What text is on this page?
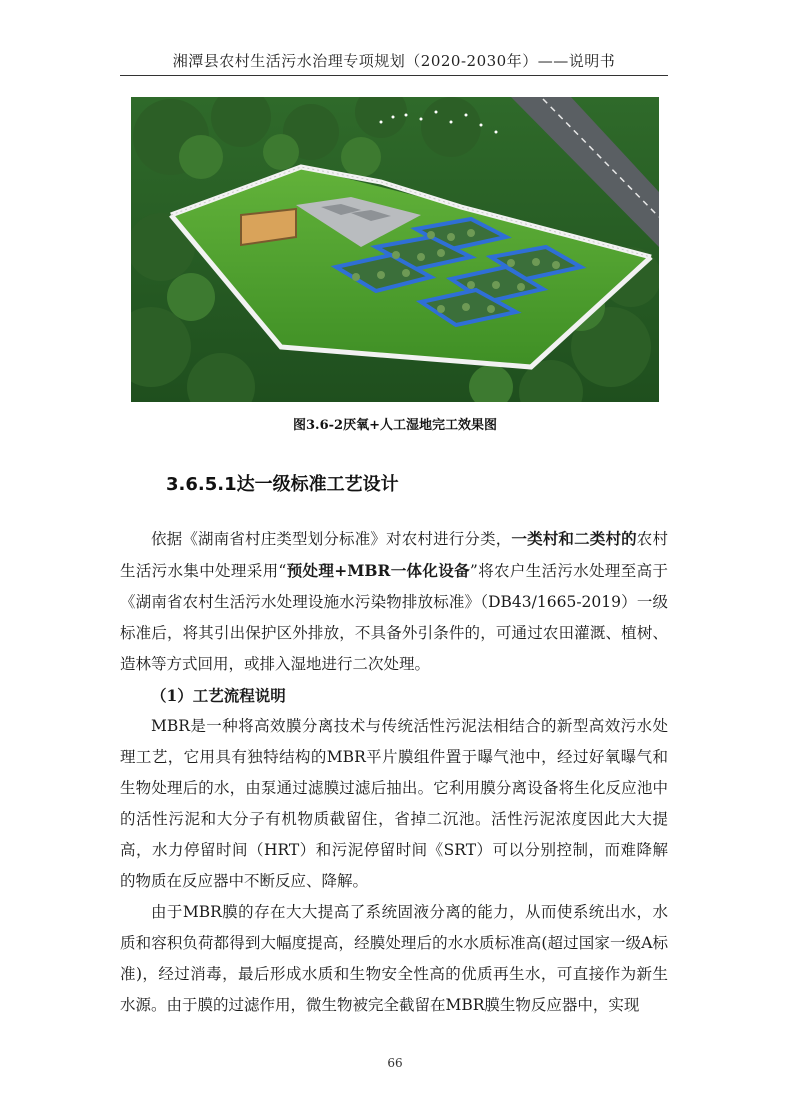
湘潭县农村生活污水治理专项规划（2020-2030年）——说明书
图3.6-2厌氧+人工湿地完工效果图
3.6.5.1达一级标准工艺设计

依据《湖南省村庄类型划分标准》对农村进行分类，一类村和二类村的农村生活污水集中处理采用“预处理+MBR一体化设备”将农户生活污水处理至高于《湖南省农村生活污水处理设施水污染物排放标准》（DB43/1665-2019）一级标准后，将其引出保护区外排放，不具备外引条件的，可通过农田灌溉、植树、造林等方式回用，或排入湿地进行二次处理。

（1）工艺流程说明

MBR是一种将高效膜分离技术与传统活性污泥法相结合的新型高效污水处理工艺，它用具有独特结构的MBR平片膜组件置于曝气池中，经过好氧曝气和生物处理后的水，由泵通过滤膜过滤后抽出。它利用膜分离设备将生化反应池中的活性污泥和大分子有机物质截留住，省掉二沉池。活性污泥浓度因此大大提高，水力停留时间（HRT）和污泥停留时间《SRT）可以分别控制，而难降解的物质在反应器中不断反应、降解。

由于MBR膜的存在大大提高了系统固液分离的能力，从而使系统出水，水质和容积负荷都得到大幅度提高，经膜处理后的水水质标准高(超过国家一级A标准)，经过消毒，最后形成水质和生物安全性高的优质再生水，可直接作为新生水源。由于膜的过滤作用，微生物被完全截留在MBR膜生物反应器中，实现

66
